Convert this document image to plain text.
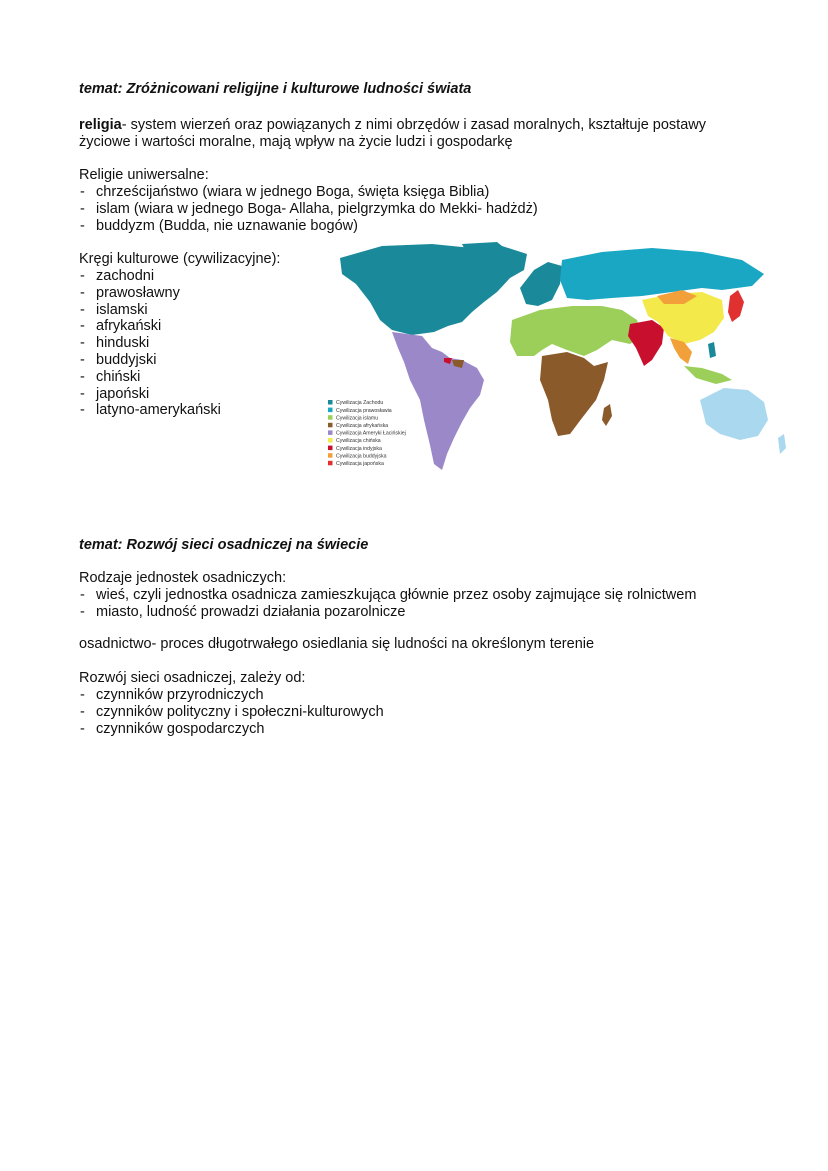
temat: Zróżnicowani religijne i kulturowe ludności świata
religia- system wierzeń oraz powiązanych z nimi obrzędów i zasad moralnych, kształtuje postawy
życiowe i wartości moralne, mają wpływ na życie ludzi i gospodarkę
Religie uniwersalne:
- chrześcijaństwo (wiara w jednego Boga, święta księga Biblia)
- islam (wiara w jednego Boga- Allaha, pielgrzymka do Mekki- hadżdż)
- buddyzm (Budda, nie uznawanie bogów)
Kręgi kulturowe (cywilizacyjne):
- zachodni
- prawosławny
- islamski
- afrykański
- hinduski
- buddyjski
- chiński
- japoński
- latyno-amerykański	Cywilizacja Zachodu
Cywilizacja prawosławia
Cywilizacja islamu
Cywilizacja afrykańska
Cywilizacja Ameryki Łacińskiej
Cywilizacja chińska
Cywilizacja indyjska
Cywilizacja buddyjska
Cywilizacja japońska
temat: Rozwój sieci osadniczej na świecie
Rodzaje jednostek osadniczych:
- wieś, czyli jednostka osadnicza zamieszkująca głównie przez osoby zajmujące się rolnictwem
- miasto, ludność prowadzi działania pozarolnicze
osadnictwo- proces długotrwałego osiedlania się ludności na określonym terenie
Rozwój sieci osadniczej, zależy od:
- czynników przyrodniczych
- czynników polityczny i społeczni-kulturowych
- czynników gospodarczych
